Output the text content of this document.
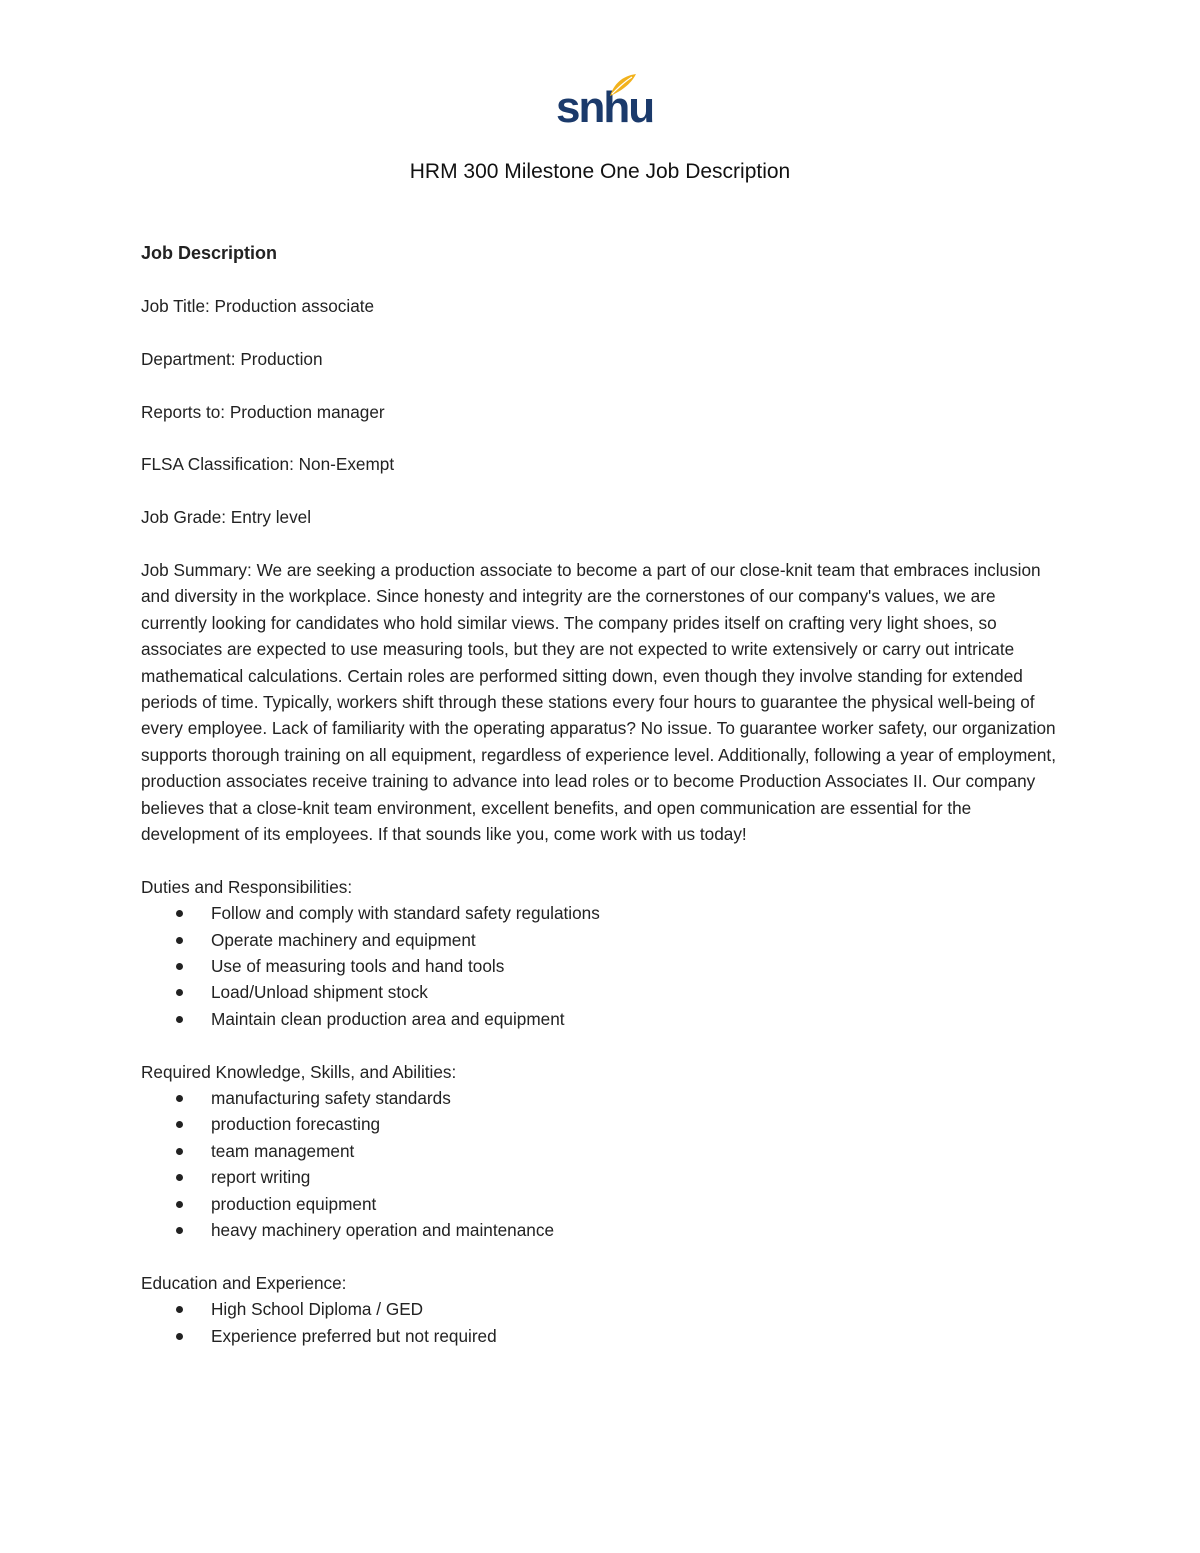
snhu
HRM 300 Milestone One Job Description

Job Description

Job Title: Production associate

Department: Production

Reports to: Production manager

FLSA Classification: Non-Exempt

Job Grade: Entry level

Job Summary: We are seeking a production associate to become a part of our close-knit team that embraces inclusion and diversity in the workplace. Since honesty and integrity are the cornerstones of our company's values, we are currently looking for candidates who hold similar views. The company prides itself on crafting very light shoes, so associates are expected to use measuring tools, but they are not expected to write extensively or carry out intricate mathematical calculations. Certain roles are performed sitting down, even though they involve standing for extended periods of time. Typically, workers shift through these stations every four hours to guarantee the physical well-being of every employee. Lack of familiarity with the operating apparatus? No issue. To guarantee worker safety, our organization supports thorough training on all equipment, regardless of experience level. Additionally, following a year of employment, production associates receive training to advance into lead roles or to become Production Associates II. Our company believes that a close-knit team environment, excellent benefits, and open communication are essential for the development of its employees. If that sounds like you, come work with us today!

Duties and Responsibilities:

Follow and comply with standard safety regulations
Operate machinery and equipment
Use of measuring tools and hand tools
Load/Unload shipment stock
Maintain clean production area and equipment

Required Knowledge, Skills, and Abilities:

manufacturing safety standards
production forecasting
team management
report writing
production equipment
heavy machinery operation and maintenance

Education and Experience:

High School Diploma / GED
Experience preferred but not required
